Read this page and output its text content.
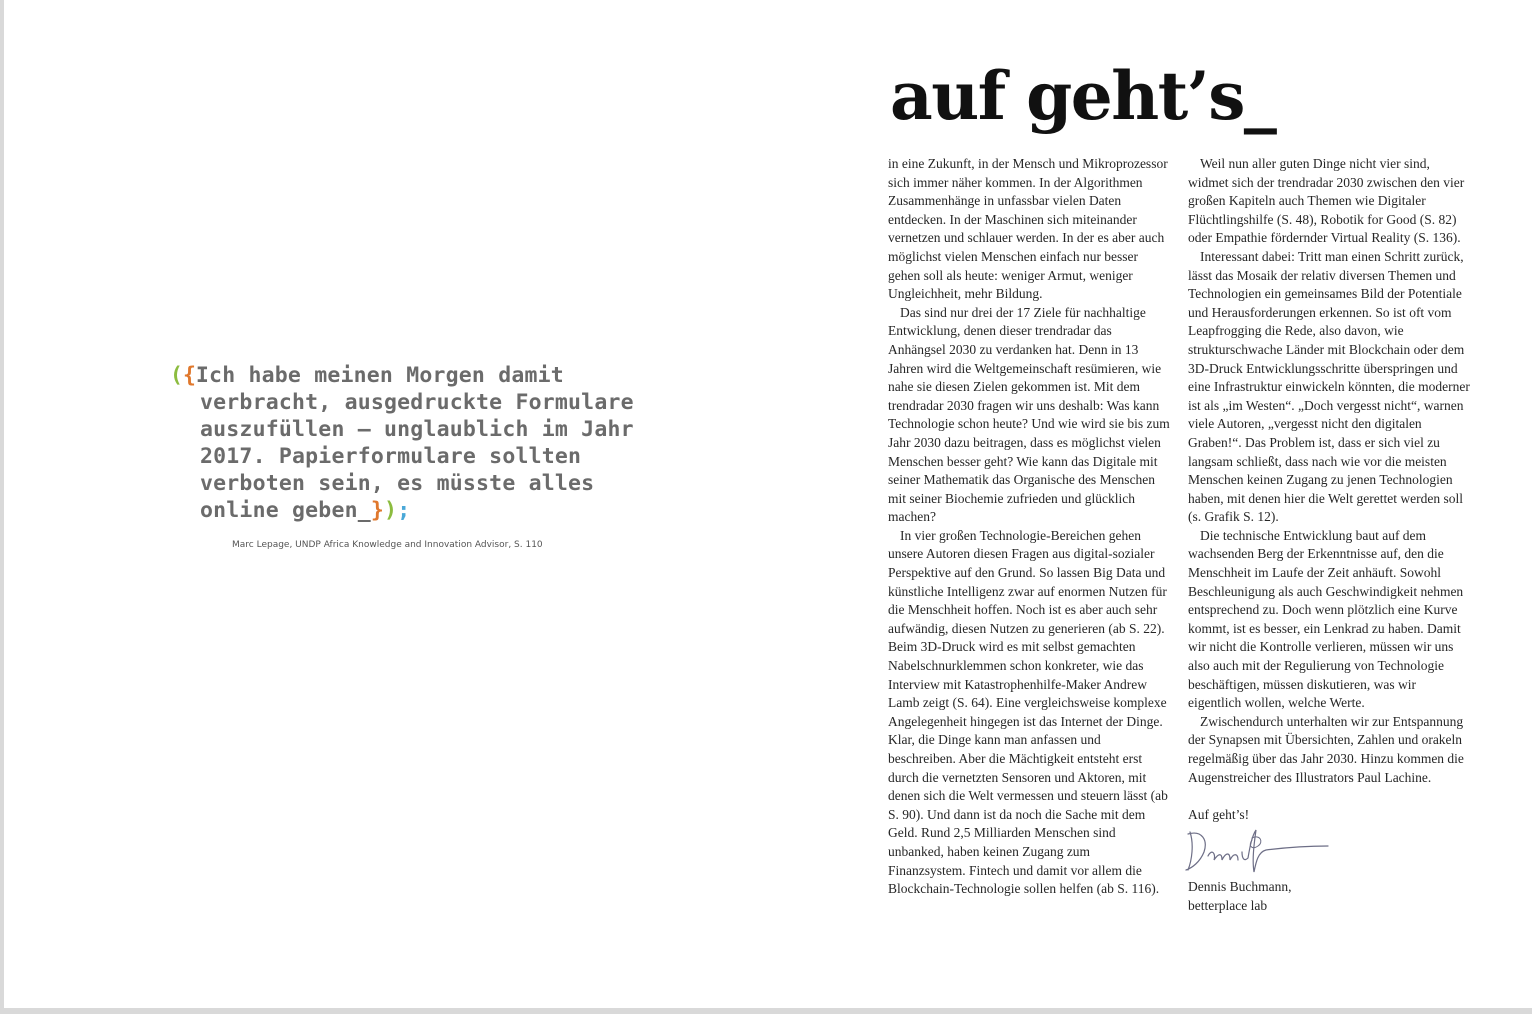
({Ich habe meinen Morgen damit verbracht, ausgedruckte Formulare auszufüllen – unglaublich im Jahr 2017. Papierformulare sollten verboten sein, es müsste alles online geben_});

Marc Lepage, UNDP Africa Knowledge and Innovation Advisor, S. 110
auf geht’s_

in eine Zukunft, in der Mensch und Mikroprozessor sich immer näher kommen. In der Algorithmen Zusammenhänge in unfassbar vielen Daten entdecken. In der Maschinen sich miteinander vernetzen und schlauer werden. In der es aber auch möglichst vielen Menschen einfach nur besser gehen soll als heute: weniger Armut, weniger Ungleichheit, mehr Bildung.

Das sind nur drei der 17 Ziele für nachhaltige Entwicklung, denen dieser trendradar das Anhängsel 2030 zu verdanken hat. Denn in 13 Jahren wird die Weltgemeinschaft resümieren, wie nahe sie diesen Zielen gekommen ist. Mit dem trendradar 2030 fragen wir uns deshalb: Was kann Technologie schon heute? Und wie wird sie bis zum Jahr 2030 dazu beitragen, dass es möglichst vielen Menschen besser geht? Wie kann das Digitale mit seiner Mathematik das Organische des Menschen mit seiner Biochemie zufrieden und glücklich machen?

In vier großen Technologie-Bereichen gehen unsere Autoren diesen Fragen aus digital-sozialer Perspektive auf den Grund. So lassen Big Data und künstliche Intelligenz zwar auf enormen Nutzen für die Menschheit hoffen. Noch ist es aber auch sehr aufwändig, diesen Nutzen zu generieren (ab S. 22). Beim 3D-Druck wird es mit selbst gemachten Nabelschnurklemmen schon konkreter, wie das Interview mit Katastrophenhilfe-Maker Andrew Lamb zeigt (S. 64). Eine vergleichsweise komplexe Angelegenheit hingegen ist das Internet der Dinge. Klar, die Dinge kann man anfassen und beschreiben. Aber die Mächtigkeit entsteht erst durch die vernetzten Sensoren und Aktoren, mit denen sich die Welt vermessen und steuern lässt (ab S. 90). Und dann ist da noch die Sache mit dem Geld. Rund 2,5 Milliarden Menschen sind unbanked, haben keinen Zugang zum Finanzsystem. Fintech und damit vor allem die Blockchain-Technologie sollen helfen (ab S. 116).

Weil nun aller guten Dinge nicht vier sind, widmet sich der trendradar 2030 zwischen den vier großen Kapiteln auch Themen wie Digitaler Flüchtlingshilfe (S. 48), Robotik for Good (S. 82) oder Empathie fördernder Virtual Reality (S. 136).

Interessant dabei: Tritt man einen Schritt zurück, lässt das Mosaik der relativ diversen Themen und Technologien ein gemeinsames Bild der Potentiale und Herausforderungen erkennen. So ist oft vom Leapfrogging die Rede, also davon, wie strukturschwache Länder mit Blockchain oder dem 3D-Druck Entwicklungsschritte überspringen und eine Infrastruktur einwickeln könnten, die moderner ist als „im Westen“. „Doch vergesst nicht“, warnen viele Autoren, „vergesst nicht den digitalen Graben!“. Das Problem ist, dass er sich viel zu langsam schließt, dass nach wie vor die meisten Menschen keinen Zugang zu jenen Technologien haben, mit denen hier die Welt gerettet werden soll (s. Grafik S. 12).

Die technische Entwicklung baut auf dem wachsenden Berg der Erkenntnisse auf, den die Menschheit im Laufe der Zeit anhäuft. Sowohl Beschleunigung als auch Geschwindigkeit nehmen entsprechend zu. Doch wenn plötzlich eine Kurve kommt, ist es besser, ein Lenkrad zu haben. Damit wir nicht die Kontrolle verlieren, müssen wir uns also auch mit der Regulierung von Technologie beschäftigen, müssen diskutieren, was wir eigentlich wollen, welche Werte.

Zwischendurch unterhalten wir zur Entspannung der Synapsen mit Übersichten, Zahlen und orakeln regelmäßig über das Jahr 2030. Hinzu kommen die Augenstreicher des Illustrators Paul Lachine.

Auf geht’s!

Dennis Buchmann,

betterplace lab
